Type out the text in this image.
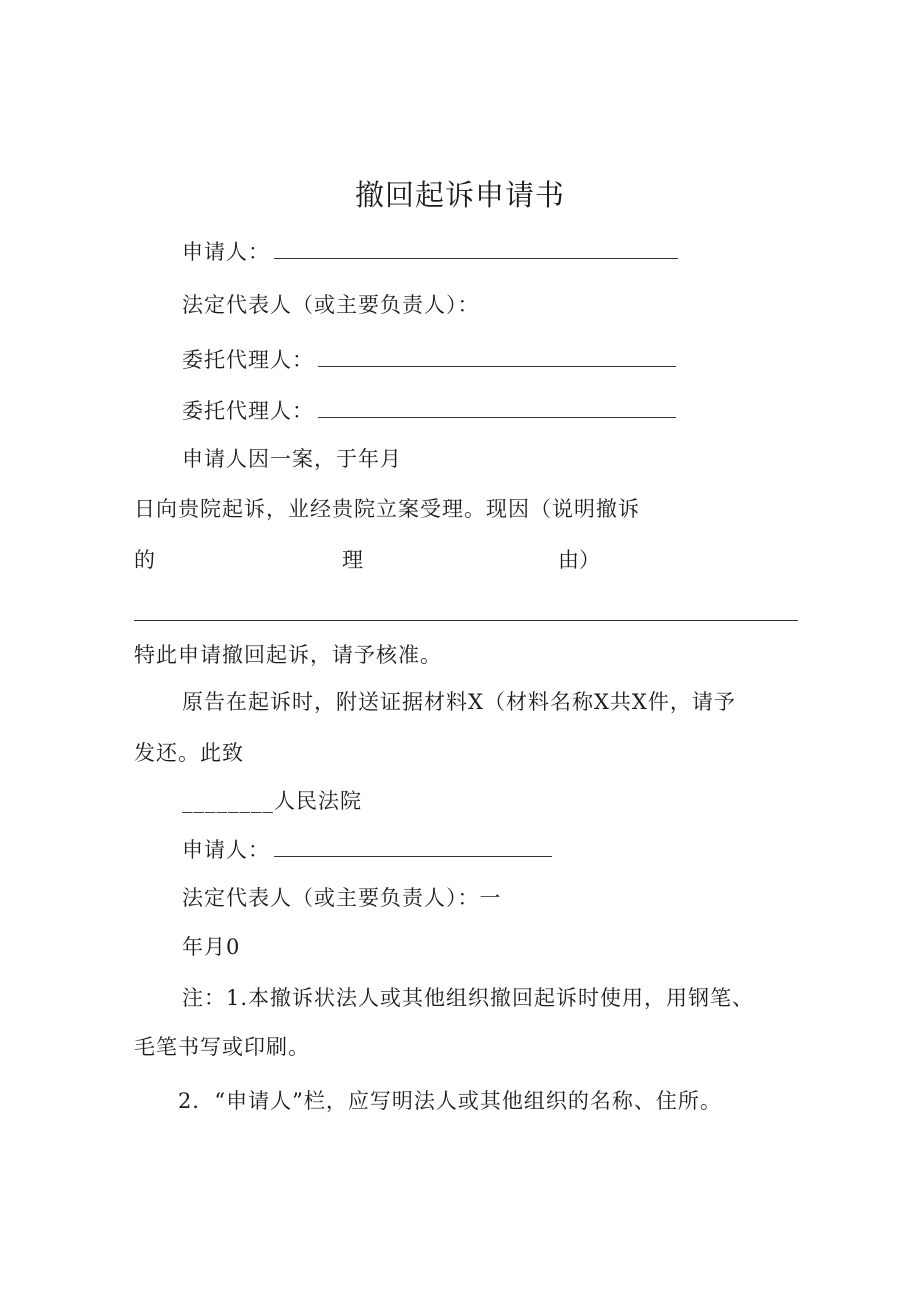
撤回起诉申请书
申请人：
法定代表人（或主要负责人）：
委托代理人：
委托代理人：
申请人因一案，于年月
日向贵院起诉，业经贵院立案受理。现因（说明撤诉
的	理	由）
特此申请撤回起诉，请予核准。
原告在起诉时，附送证据材料X（材料名称X共X件，请予
发还。此致
________人民法院
申请人：
法定代表人（或主要负责人）：一
年月0
注：1.本撤诉状法人或其他组织撤回起诉时使用，用钢笔、
毛笔书写或印刷。
2．“申请人”栏，应写明法人或其他组织的名称、住所。
